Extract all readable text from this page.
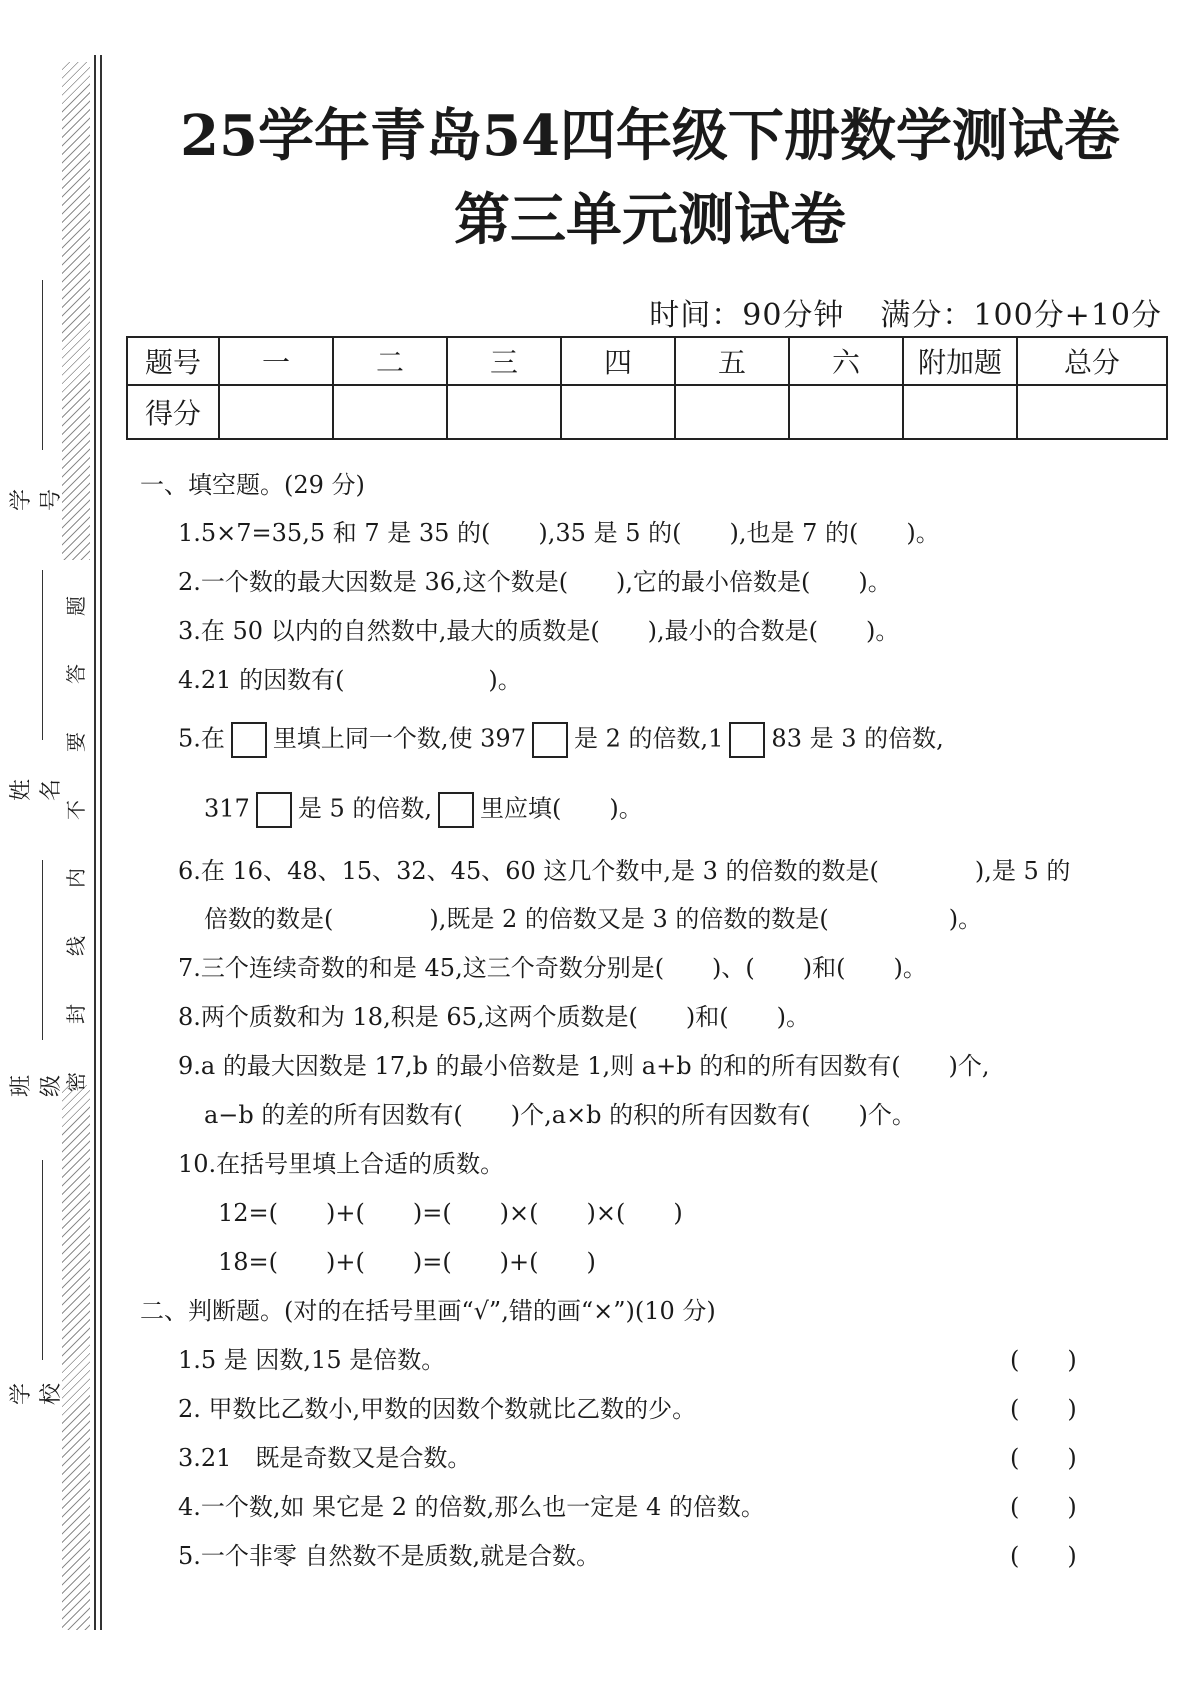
题
答
要
不
内
线
封
密
学号
姓名
班级
学校
25学年青岛54四年级下册数学测试卷
第三单元测试卷
时间：90分钟 满分：100分+10分
题号	一	二	三	四	五	六	附加题	总分
得分								
一、填空题。(29 分)
1.5×7=35,5 和 7 是 35 的(　　),35 是 5 的(　　),也是 7 的(　　)。
2.一个数的最大因数是 36,这个数是(　　),它的最小倍数是(　　)。
3.在 50 以内的自然数中,最大的质数是(　　),最小的合数是(　　)。
4.21 的因数有(　　　　　　)。
5.在 里填上同一个数,使 397 是 2 的倍数,1 83 是 3 的倍数,
317 是 5 的倍数, 里应填(　　)。
6.在 16、48、15、32、45、60 这几个数中,是 3 的倍数的数是(　　　　),是 5 的
倍数的数是(　　　　),既是 2 的倍数又是 3 的倍数的数是(　　　　　)。
7.三个连续奇数的和是 45,这三个奇数分别是(　　)、(　　)和(　　)。
8.两个质数和为 18,积是 65,这两个质数是(　　)和(　　)。
9.a 的最大因数是 17,b 的最小倍数是 1,则 a+b 的和的所有因数有(　　)个,
a−b 的差的所有因数有(　　)个,a×b 的积的所有因数有(　　)个。
10.在括号里填上合适的质数。
12=(　　)+(　　)=(　　)×(　　)×(　　)
18=(　　)+(　　)=(　　)+(　　)
二、判断题。(对的在括号里画“√”,错的画“×”)(10 分)
1.5 是 因数,15 是倍数。	(　　)
2. 甲数比乙数小,甲数的因数个数就比乙数的少。	(　　)
3.21　既是奇数又是合数。	(　　)
4.一个数,如 果它是 2 的倍数,那么也一定是 4 的倍数。	(　　)
5.一个非零 自然数不是质数,就是合数。	(　　)
